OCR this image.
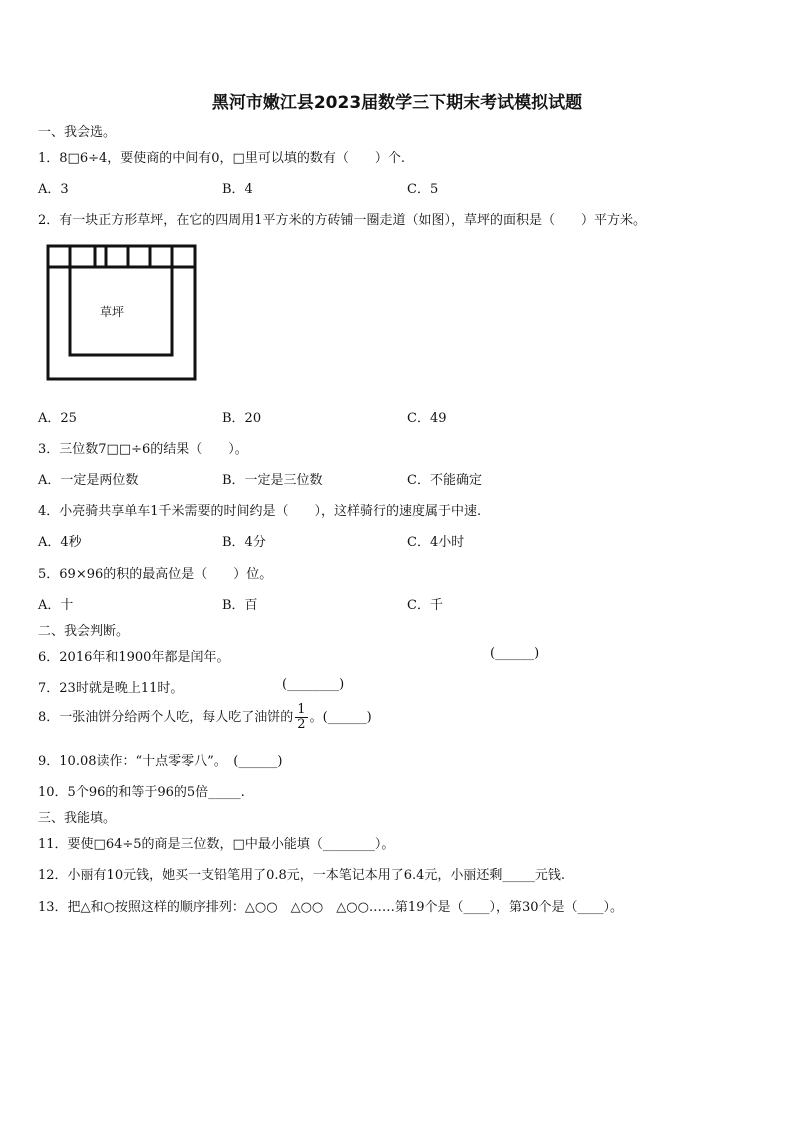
黑河市嫩江县2023届数学三下期末考试模拟试题
一、我会选。
1．8□6÷4，要使商的中间有0，□里可以填的数有（　　）个.
A．3	B．4	C．5
2．有一块正方形草坪，在它的四周用1平方米的方砖铺一圈走道（如图），草坪的面积是（　　）平方米。
草坪
A．25	B．20	C．49
3．三位数7□□÷6的结果（　　）。
A．一定是两位数	B．一定是三位数	C．不能确定
4．小亮骑共享单车1千米需要的时间约是（　　），这样骑行的速度属于中速.
A．4秒	B．4分	C．4小时
5．69×96的积的最高位是（　　）位。
A．十	B．百	C．千
二、我会判断。
6．2016年和1900年都是闰年。	(______)
7．23时就是晚上11时。	(________)
8．一张油饼分给两个人吃，每人吃了油饼的 $\frac{1}{2}$ 。(______)
9．10.08读作：“十点零零八”。　(______)
10．5个96的和等于96的5倍_____.
三、我能填。
11．要使□64÷5的商是三位数，□中最小能填（________）。
12．小丽有10元钱，她买一支铅笔用了0.8元，一本笔记本用了6.4元，小丽还剩_____元钱.
13．把△和○按照这样的顺序排列：△○○　△○○　△○○……第19个是（____），第30个是（____）。
